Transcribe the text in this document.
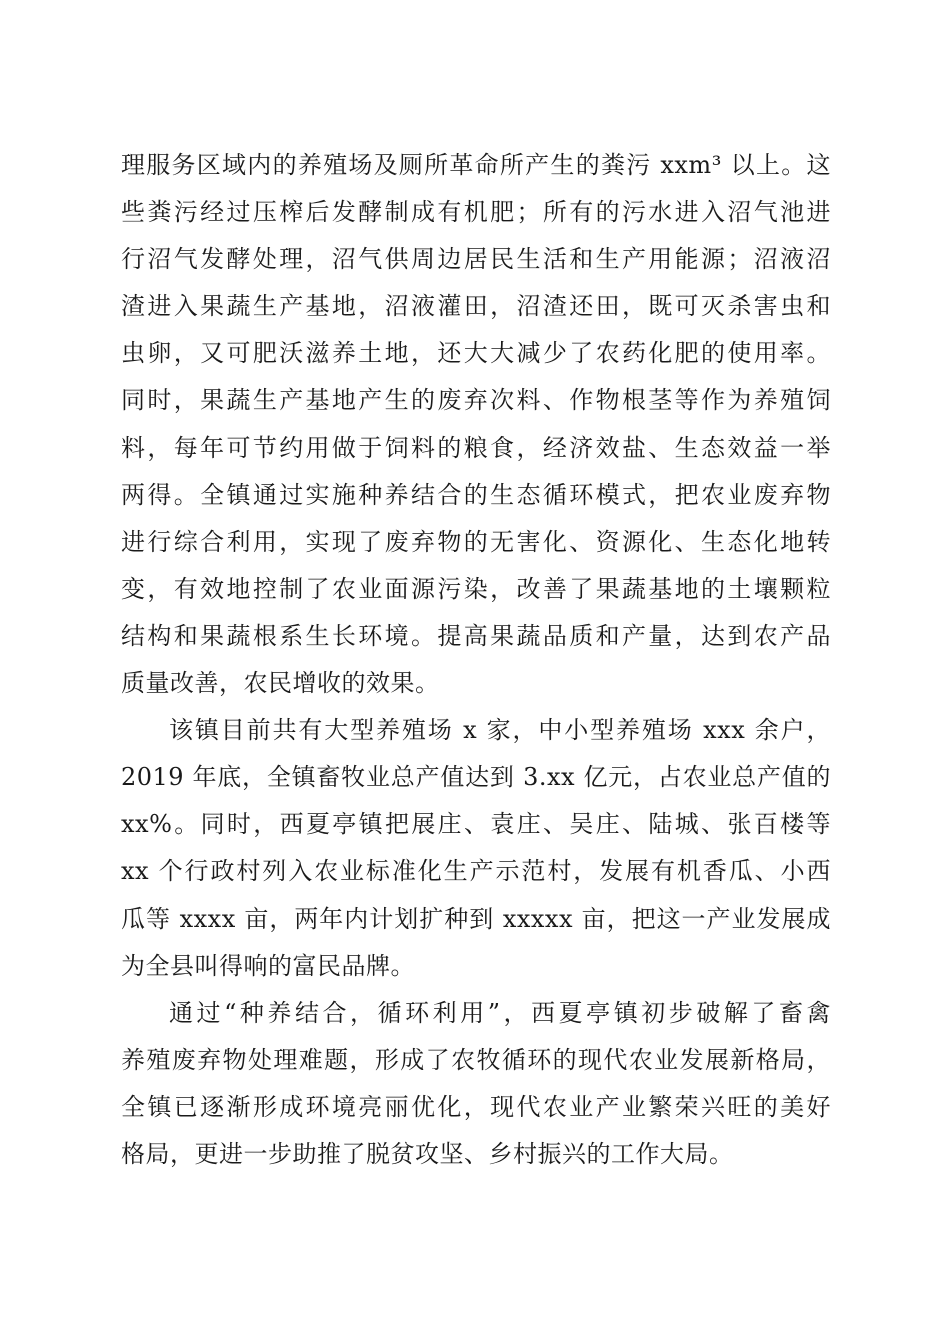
理服务区域内的养殖场及厕所革命所产生的粪污 xxm³ 以上。这
些粪污经过压榨后发酵制成有机肥；所有的污水进入沼气池进
行沼气发酵处理，沼气供周边居民生活和生产用能源；沼液沼
渣进入果蔬生产基地，沼液灌田，沼渣还田，既可灭杀害虫和
虫卵，又可肥沃滋养土地，还大大减少了农药化肥的使用率。
同时，果蔬生产基地产生的废弃次料、作物根茎等作为养殖饲
料，每年可节约用做于饲料的粮食，经济效盐、生态效益一举
两得。全镇通过实施种养结合的生态循环模式，把农业废弃物
进行综合利用，实现了废弃物的无害化、资源化、生态化地转
变，有效地控制了农业面源污染，改善了果蔬基地的土壤颗粒
结构和果蔬根系生长环境。提高果蔬品质和产量，达到农产品
质量改善，农民增收的效果。
该镇目前共有大型养殖场 x 家，中小型养殖场 xxx 余户，
2019 年底，全镇畜牧业总产值达到 3.xx 亿元，占农业总产值的
xx%。同时，西夏亭镇把展庄、袁庄、吴庄、陆城、张百楼等
xx 个行政村列入农业标准化生产示范村，发展有机香瓜、小西
瓜等 xxxx 亩，两年内计划扩种到 xxxxx 亩，把这一产业发展成
为全县叫得响的富民品牌。
通过“种养结合，循环利用”，西夏亭镇初步破解了畜禽
养殖废弃物处理难题，形成了农牧循环的现代农业发展新格局，
全镇已逐渐形成环境亮丽优化，现代农业产业繁荣兴旺的美好
格局，更进一步助推了脱贫攻坚、乡村振兴的工作大局。
